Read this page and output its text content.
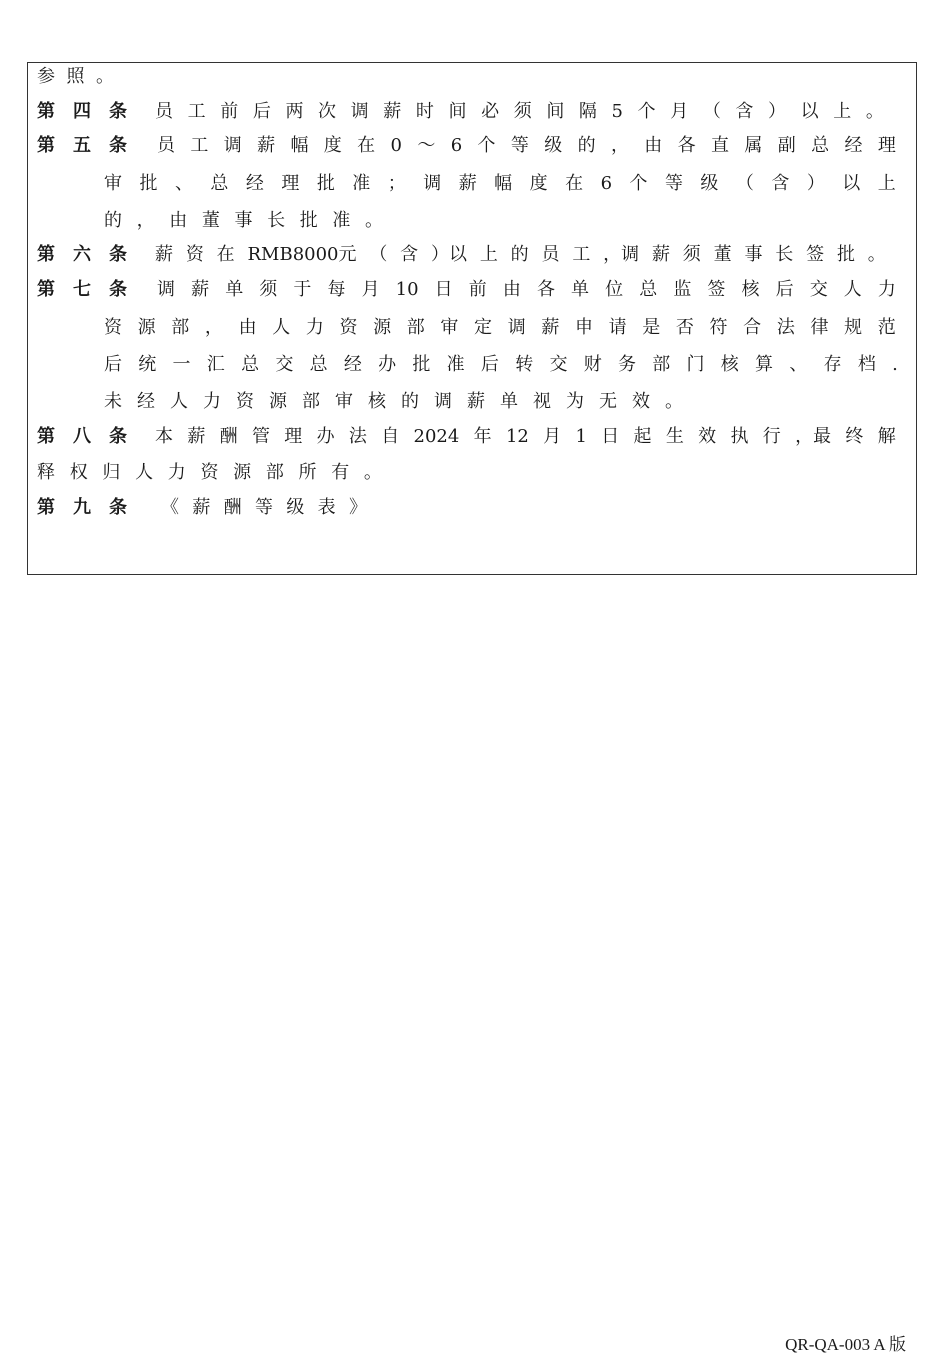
参 照 。
第 四 条 员 工 前 后 两 次 调 薪 时 间 必 须 间 隔 5 个 月 （ 含 ） 以 上 。
第 五 条 员 工 调 薪 幅 度 在 0 ～ 6 个 等 级 的 ， 由 各 直 属 副 总 经 理
审 批 、 总 经 理 批 准 ； 调 薪 幅 度 在 6 个 等 级 （ 含 ） 以 上
的 ， 由 董 事 长 批 准 。
第 六 条 薪 资 在 RMB8000元 （ 含 ）以 上 的 员 工 ，调 薪 须 董 事 长 签 批 。
第 七 条 调 薪 单 须 于 每 月 10 日 前 由 各 单 位 总 监 签 核 后 交 人 力
资 源 部 ， 由 人 力 资 源 部 审 定 调 薪 申 请 是 否 符 合 法 律 规 范
后 统 一 汇 总 交 总 经 办 批 准 后 转 交 财 务 部 门 核 算 、 存 档 .
未 经 人 力 资 源 部 审 核 的 调 薪 单 视 为 无 效 。
第 八 条 本 薪 酬 管 理 办 法 自 2024 年 12 月 1 日 起 生 效 执 行 ，最 终 解
释 权 归 人 力 资 源 部 所 有 。
第 九 条 《 薪 酬 等 级 表 》
QR-QA-003 A 版
